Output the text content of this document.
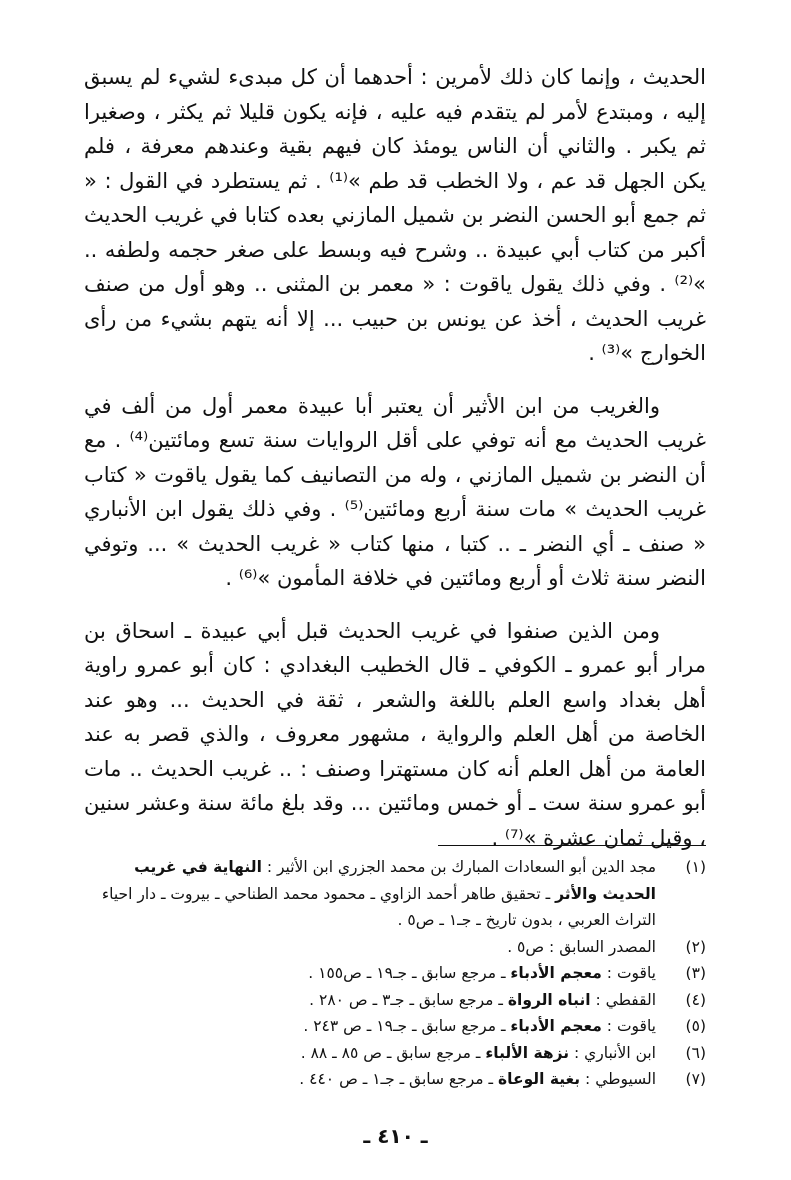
الحديث ، وإنما كان ذلك لأمرين : أحدهما أن كل مبدىء لشيء لم يسبق إليه ، ومبتدع لأمر لم يتقدم فيه عليه ، فإنه يكون قليلا ثم يكثر ، وصغيرا ثم يكبر . والثاني أن الناس يومئذ كان فيهم بقية وعندهم معرفة ، فلم يكن الجهل قد عم ، ولا الخطب قد طم »⁽¹⁾ . ثم يستطرد في القول : « ثم جمع أبو الحسن النضر بن شميل المازني بعده كتابا في غريب الحديث أكبر من كتاب أبي عبيدة .. وشرح فيه وبسط على صغر حجمه ولطفه .. »⁽²⁾ . وفي ذلك يقول ياقوت : « معمر بن المثنى .. وهو أول من صنف غريب الحديث ، أخذ عن يونس بن حبيب ... إلا أنه يتهم بشيء من رأى الخوارج »⁽³⁾ .

والغريب من ابن الأثير أن يعتبر أبا عبيدة معمر أول من ألف في غريب الحديث مع أنه توفي على أقل الروايات سنة تسع ومائتين⁽⁴⁾ . مع أن النضر بن شميل المازني ، وله من التصانيف كما يقول ياقوت « كتاب غريب الحديث » مات سنة أربع ومائتين⁽⁵⁾ . وفي ذلك يقول ابن الأنباري « صنف ـ أي النضر ـ .. كتبا ، منها كتاب « غريب الحديث » ... وتوفي النضر سنة ثلاث أو أربع ومائتين في خلافة المأمون »⁽⁶⁾ .

ومن الذين صنفوا في غريب الحديث قبل أبي عبيدة ـ اسحاق بن مرار أبو عمرو ـ الكوفي ـ قال الخطيب البغدادي : كان أبو عمرو راوية أهل بغداد واسع العلم باللغة والشعر ، ثقة في الحديث ... وهو عند الخاصة من أهل العلم والرواية ، مشهور معروف ، والذي قصر به عند العامة من أهل العلم أنه كان مستهترا وصنف : .. غريب الحديث .. مات أبو عمرو سنة ست ـ أو خمس ومائتين ... وقد بلغ مائة سنة وعشر سنين ، وقيل ثمان عشرة »⁽⁷⁾ .

(١)
مجد الدين أبو السعادات المبارك بن محمد الجزري ابن الأثير : النهاية في غريب الحديث والأثر ـ تحقيق طاهر أحمد الزاوي ـ محمود محمد الطناحي ـ بيروت ـ دار احياء التراث العربي ، بدون تاريخ ـ جـ١ ـ ص٥ .
(٢)
المصدر السابق : ص٥ .
(٣)
ياقوت : معجم الأدباء ـ مرجع سابق ـ جـ١٩ ـ ص١٥٥ .
(٤)
القفطي : انباه الرواة ـ مرجع سابق ـ جـ٣ ـ ص ٢٨٠ .
(٥)
ياقوت : معجم الأدباء ـ مرجع سابق ـ جـ١٩ ـ ص ٢٤٣ .
(٦)
ابن الأنباري : نزهة الألباء ـ مرجع سابق ـ ص ٨٥ ـ ٨٨ .
(٧)
السيوطي : بغية الوعاة ـ مرجع سابق ـ جـ١ ـ ص ٤٤٠ .
ـ ٤١٠ ـ
